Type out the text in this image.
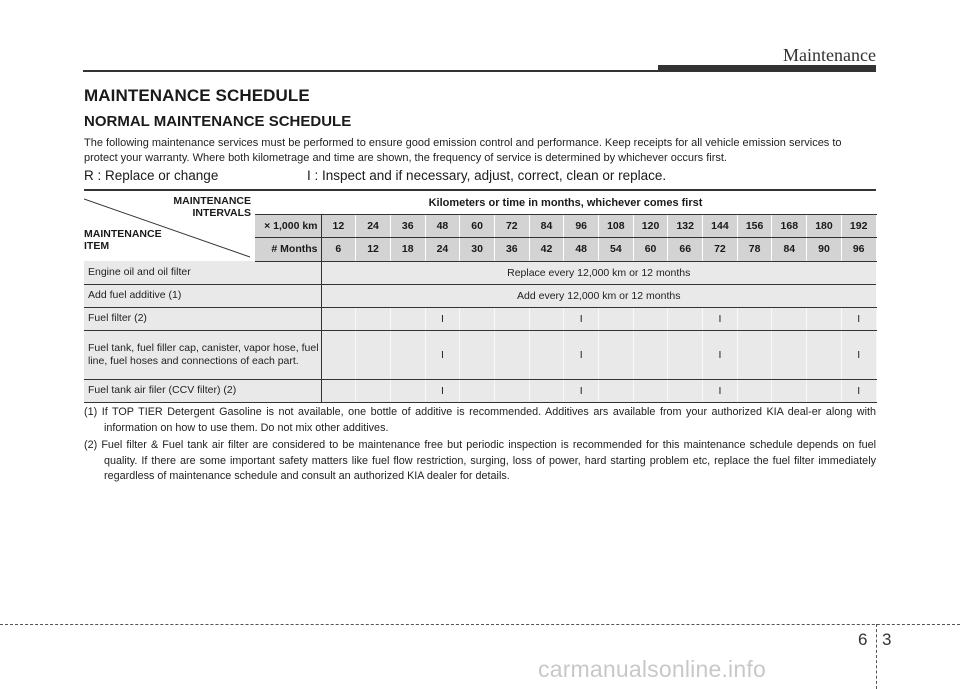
Maintenance
MAINTENANCE SCHEDULE
NORMAL MAINTENANCE SCHEDULE
The following maintenance services must be performed to ensure good emission control and performance. Keep receipts for all vehicle emission services to protect your warranty. Where both kilometrage and time are shown, the frequency of service is determined by whichever occurs first.
R : Replace or change	I : Inspect and if necessary, adjust, correct, clean or replace.
MAINTENANCE
INTERVALS
MAINTENANCE
ITEM	Kilometers or time in months, whichever comes first																
	× 1,000 km	12	24	36	48	60	72	84	96	108	120	132	144	156	168	180	192
	# Months	6	12	18	24	30	36	42	48	54	60	66	72	78	84	90	96
Engine oil and oil filter		Replace every 12,000 km or 12 months															
Add fuel additive (1)		Add every 12,000 km or 12 months															
Fuel filter (2)					I				I				I				I
Fuel tank, fuel filler cap, canister, vapor hose, fuel line, fuel hoses and connections of each part.					I				I				I				I
Fuel tank air filer (CCV filter) (2)					I				I				I				I

(1) If TOP TIER Detergent Gasoline is not available, one bottle of additive is recommended. Additives ars available from your authorized KIA deal-er along with information on how to use them. Do not mix other additives.

(2) Fuel filter & Fuel tank air filter are considered to be maintenance free but periodic inspection is recommended for this maintenance schedule depends on fuel quality. If there are some important safety matters like fuel flow restriction, surging, loss of power, hard starting problem etc, replace the fuel filter immediately regardless of maintenance schedule and consult an authorized KIA dealer for details.

6 3
carmanualsonline.info
